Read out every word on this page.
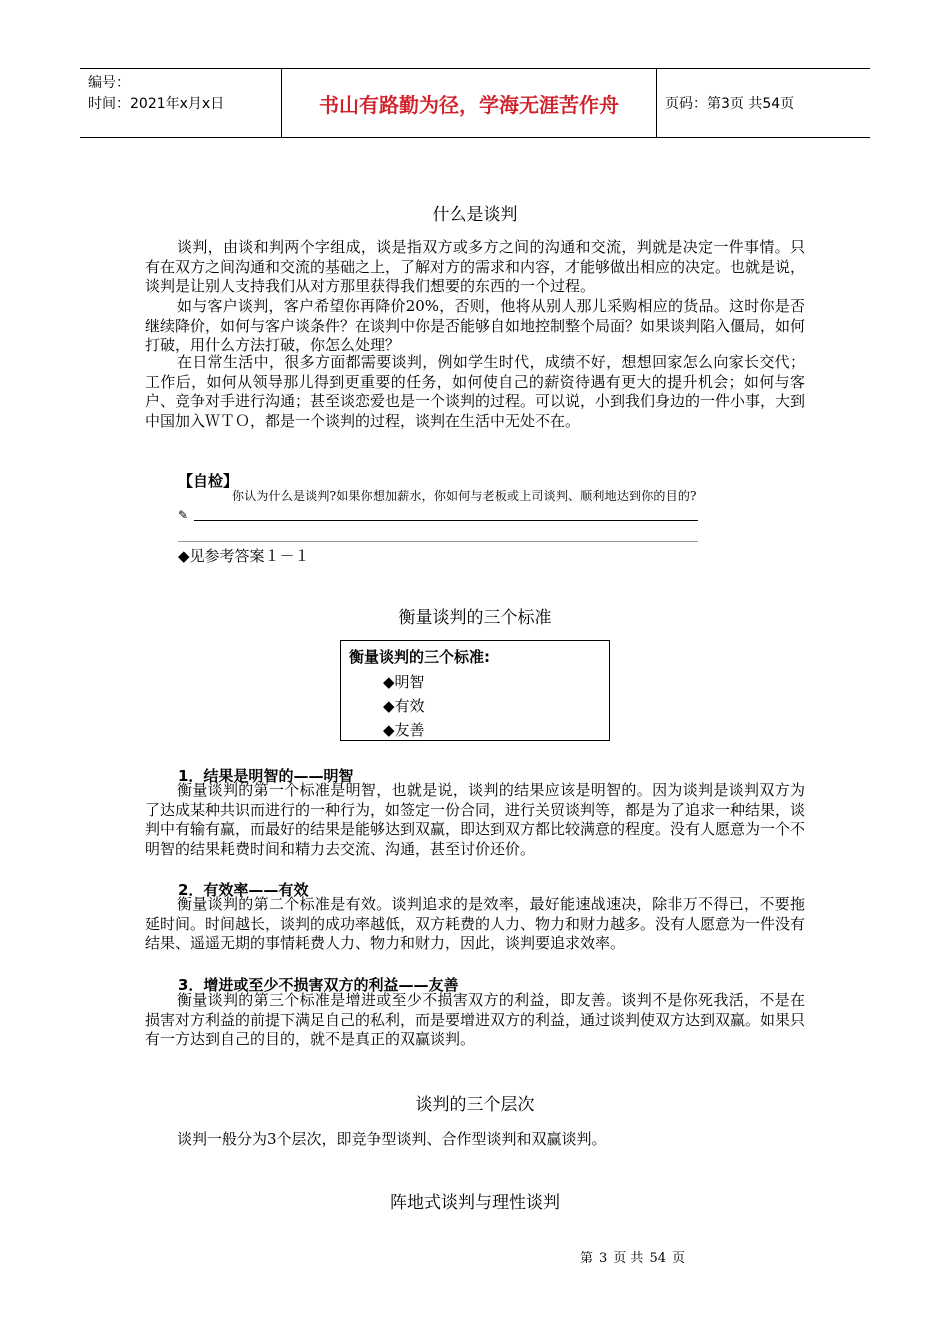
编号：
时间：2021年x月x日	书山有路勤为径，学海无涯苦作舟	页码：第3页 共54页
什么是谈判
谈判，由谈和判两个字组成，谈是指双方或多方之间的沟通和交流，判就是决定一件事情。只有在双方之间沟通和交流的基础之上，了解对方的需求和内容，才能够做出相应的决定。也就是说，谈判是让别人支持我们从对方那里获得我们想要的东西的一个过程。
如与客户谈判，客户希望你再降价20%，否则，他将从别人那儿采购相应的货品。这时你是否继续降价，如何与客户谈条件？在谈判中你是否能够自如地控制整个局面？如果谈判陷入僵局，如何打破，用什么方法打破，你怎么处理？
在日常生活中，很多方面都需要谈判，例如学生时代，成绩不好，想想回家怎么向家长交代；工作后，如何从领导那儿得到更重要的任务，如何使自己的薪资待遇有更大的提升机会；如何与客户、竞争对手进行沟通；甚至谈恋爱也是一个谈判的过程。可以说，小到我们身边的一件小事，大到中国加入ＷＴＯ，都是一个谈判的过程，谈判在生活中无处不在。
【自检】
你认为什么是谈判?如果你想加薪水，你如何与老板或上司谈判、顺利地达到你的目的?
✎
◆见参考答案１－１
衡量谈判的三个标准
衡量谈判的三个标准:
◆明智
◆有效
◆友善
1．结果是明智的——明智
衡量谈判的第一个标准是明智，也就是说，谈判的结果应该是明智的。因为谈判是谈判双方为了达成某种共识而进行的一种行为，如签定一份合同，进行关贸谈判等，都是为了追求一种结果，谈判中有输有赢，而最好的结果是能够达到双赢，即达到双方都比较满意的程度。没有人愿意为一个不明智的结果耗费时间和精力去交流、沟通，甚至讨价还价。
2．有效率——有效
衡量谈判的第二个标准是有效。谈判追求的是效率，最好能速战速决，除非万不得已，不要拖延时间。时间越长，谈判的成功率越低，双方耗费的人力、物力和财力越多。没有人愿意为一件没有结果、遥遥无期的事情耗费人力、物力和财力，因此，谈判要追求效率。
3．增进或至少不损害双方的利益——友善
衡量谈判的第三个标准是增进或至少不损害双方的利益，即友善。谈判不是你死我活，不是在损害对方利益的前提下满足自己的私利，而是要增进双方的利益，通过谈判使双方达到双赢。如果只有一方达到自己的目的，就不是真正的双赢谈判。
谈判的三个层次
谈判一般分为3个层次，即竞争型谈判、合作型谈判和双赢谈判。
阵地式谈判与理性谈判
第 3 页 共 54 页
